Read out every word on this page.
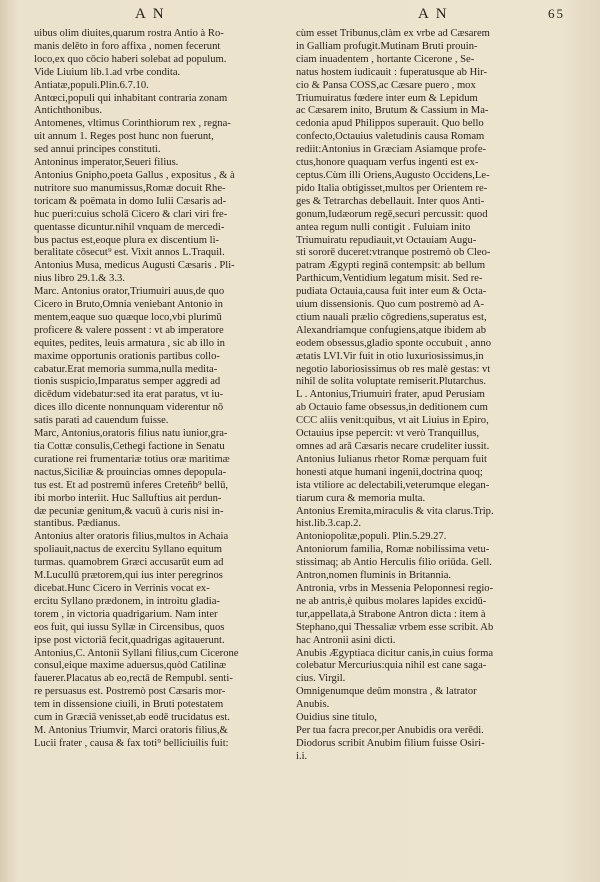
A N	A N	65
uibus olim diuites,quarum rostra Antio à Ro-
manis delēto in foro affixa , nomen fecerunt
loco,ex quo cōcio haberi solebat ad populum.
Vide Liuium lib.1.ad vrbe condita.
Antiatæ,populi.Plin.6.7.10.
Antœci,populi qui inhabitant contraria zonam
Antichthonibus.
Antomenes, vltimus Corinthiorum rex , regna-
uit annum 1. Reges post hunc non fuerunt,
sed annui principes constituti.
Antoninus imperator,Seueri filius.
Antonius Gnipho,poeta Gallus , expositus , & à
nutritore suo manumissus,Romæ docuit Rhe-
toricam & poëmata in domo Iulii Cæsaris ad-
huc pueri:cuius scholā Cicero & clari viri fre-
quentasse dicuntur.nihil vnquam de mercedi-
bus pactus est,eoque plura ex discentium li-
beralitate cōsecut⁹ est. Vixit annos L.Traquil.
Antonius Musa, medicus Augusti Cæsaris . Pli-
nius libro 29.1.& 3.3.
Marc. Antonius orator,Triumuiri auus,de quo
Cicero in Bruto,Omnia veniebant Antonio in
mentem,eaque suo quæque loco,vbi plurimū
proficere & valere possent : vt ab imperatore
equites, pedites, leuis armatura , sic ab illo in
maxime opportunis orationis partibus collo-
cabatur.Erat memoria summa,nulla medita-
tionis suspicio,Imparatus semper aggredi ad
dicēdum videbatur:sed ita erat paratus, vt iu-
dices illo dicente nonnunquam viderentur nō
satis parati ad cauendum fuisse.
Marc, Antonius,oratoris filius natu iunior,gra-
tia Cottæ consulis,Cethegi factione in Senatu
curatione rei frumentariæ totius oræ maritimæ
nactus,Siciliæ & prouincias omnes depopula-
tus est. Et ad postremū inferes Creteñb⁹ bellū,
ibi morbo interiit. Huc Salluftius ait perdun-
dæ pecuniæ genitum,& vacuū à curis nisi in-
stantibus. Pædianus.
Antonius alter oratoris filius,multos in Achaia
spoliauit,nactus de exercitu Syllano equitum
turmas. quamobrem Græci accusarūt eum ad
M.Lucullū prætorem,qui ius inter peregrinos
dicebat.Hunc Cicero in Verrinis vocat ex-
ercitu Syllano prædonem, in introitu gladia-
torem , in victoria quadrigarium. Nam inter
eos fuit, qui iussu Syllæ in Circensibus, quos
ipse post victoriā fecit,quadrigas agitauerunt.
Antonius,C. Antonii Syllani filius,cum Cicerone
consul,eique maxime aduersus,quòd Catilinæ
fauerer.Placatus ab eo,rectā de Rempubl. senti-
re persuasus est. Postremò post Cæsaris mor-
tem in dissensione ciuili, in Bruti potestatem
cum in Græciā venisset,ab eodē trucidatus est.
M. Antonius Triumvir, Marci oratoris filius,&
Lucii frater , causa & fax toti⁹ belliciuilis fuit:
cùm esset Tribunus,clàm ex vrbe ad Cæsarem
in Galliam profugit.Mutinam Bruti prouin-
ciam inuadentem , hortante Cicerone , Se-
natus hostem iudicauit : fuperatusque ab Hir-
cio & Pansa COSS,ac Cæsare puero , mox
Triumuiratus fœdere inter eum & Lepidum
ac Cæsarem inito, Brutum & Cassium in Ma-
cedonia apud Philippos superauit. Quo bello
confecto,Octauius valetudinis causa Romam
rediit:Antonius in Græciam Asiamque profe-
ctus,honore quaquam verfus ingenti est ex-
ceptus.Cùm illi Oriens,Augusto Occidens,Le-
pido Italia obtigisset,multos per Orientem re-
ges & Tetrarchas debellauit. Inter quos Anti-
gonum,Iudæorum regē,securi percussit: quod
antea regum nulli contigit . Fuluiam inito
Triumuiratu repudiauit,vt Octauiam Augu-
sti sororē duceret:vtranque postremò ob Cleo-
patram Ægypti reginā contempsit: ab bellum
Parthicum,Ventidium legatum misit. Sed re-
pudiata Octauia,causa fuit inter eum & Octa-
uium dissensionis. Quo cum postremò ad A-
ctium nauali prælio cōgrediens,superatus est,
Alexandriamque confugiens,atque ibidem ab
eodem obsessus,gladio sponte occubuit , anno
ætatis LVI.Vir fuit in otio luxuriosissimus,in
negotio laboriosissimus ob res malè gestas: vt
nihil de solita voluptate remiserit.Plutarchus.
L . Antonius,Triumuiri frater, apud Perusiam
ab Octauio fame obsessus,in deditionem cum
CCC aliis venit:quibus, vt ait Liuius in Epiro,
Octauius ipse pepercit: vt verò Tranquillus,
omnes ad arā Cæsaris necare crudeliter iussit.
Antonius Iulianus rhetor Romæ perquam fuit
honesti atque humani ingenii,doctrina quoq;
ista vtiliore ac delectabili,veterumque elegan-
tiarum cura & memoria multa.
Antonius Eremita,miraculis & vita clarus.Trip.
hist.lib.3.cap.2.
Antoniopolitæ,populi. Plin.5.29.27.
Antoniorum familia, Romæ nobilissima vetu-
stissimaq; ab Antio Herculis filio oriūda. Gell.
Antron,nomen fluminis in Britannia.
Antronia, vrbs in Messenia Peloponnesi regio-
ne ab antris,è quibus molares lapides excidū-
tur,appellata,à Strabone Antron dicta : item à
Stephano,qui Thessaliæ vrbem esse scribit. Ab
hac Antronii asini dicti.
Anubis Ægyptiaca dicitur canis,in cuius forma
colebatur Mercurius:quia nihil est cane saga-
cius. Virgil.
Omnigenumque deûm monstra , & latrator
Anubis.
Ouidius sine titulo,
Per tua facra precor,per Anubidis ora verēdi.
Diodorus scribit Anubim filium fuisse Osiri-
i.i.
